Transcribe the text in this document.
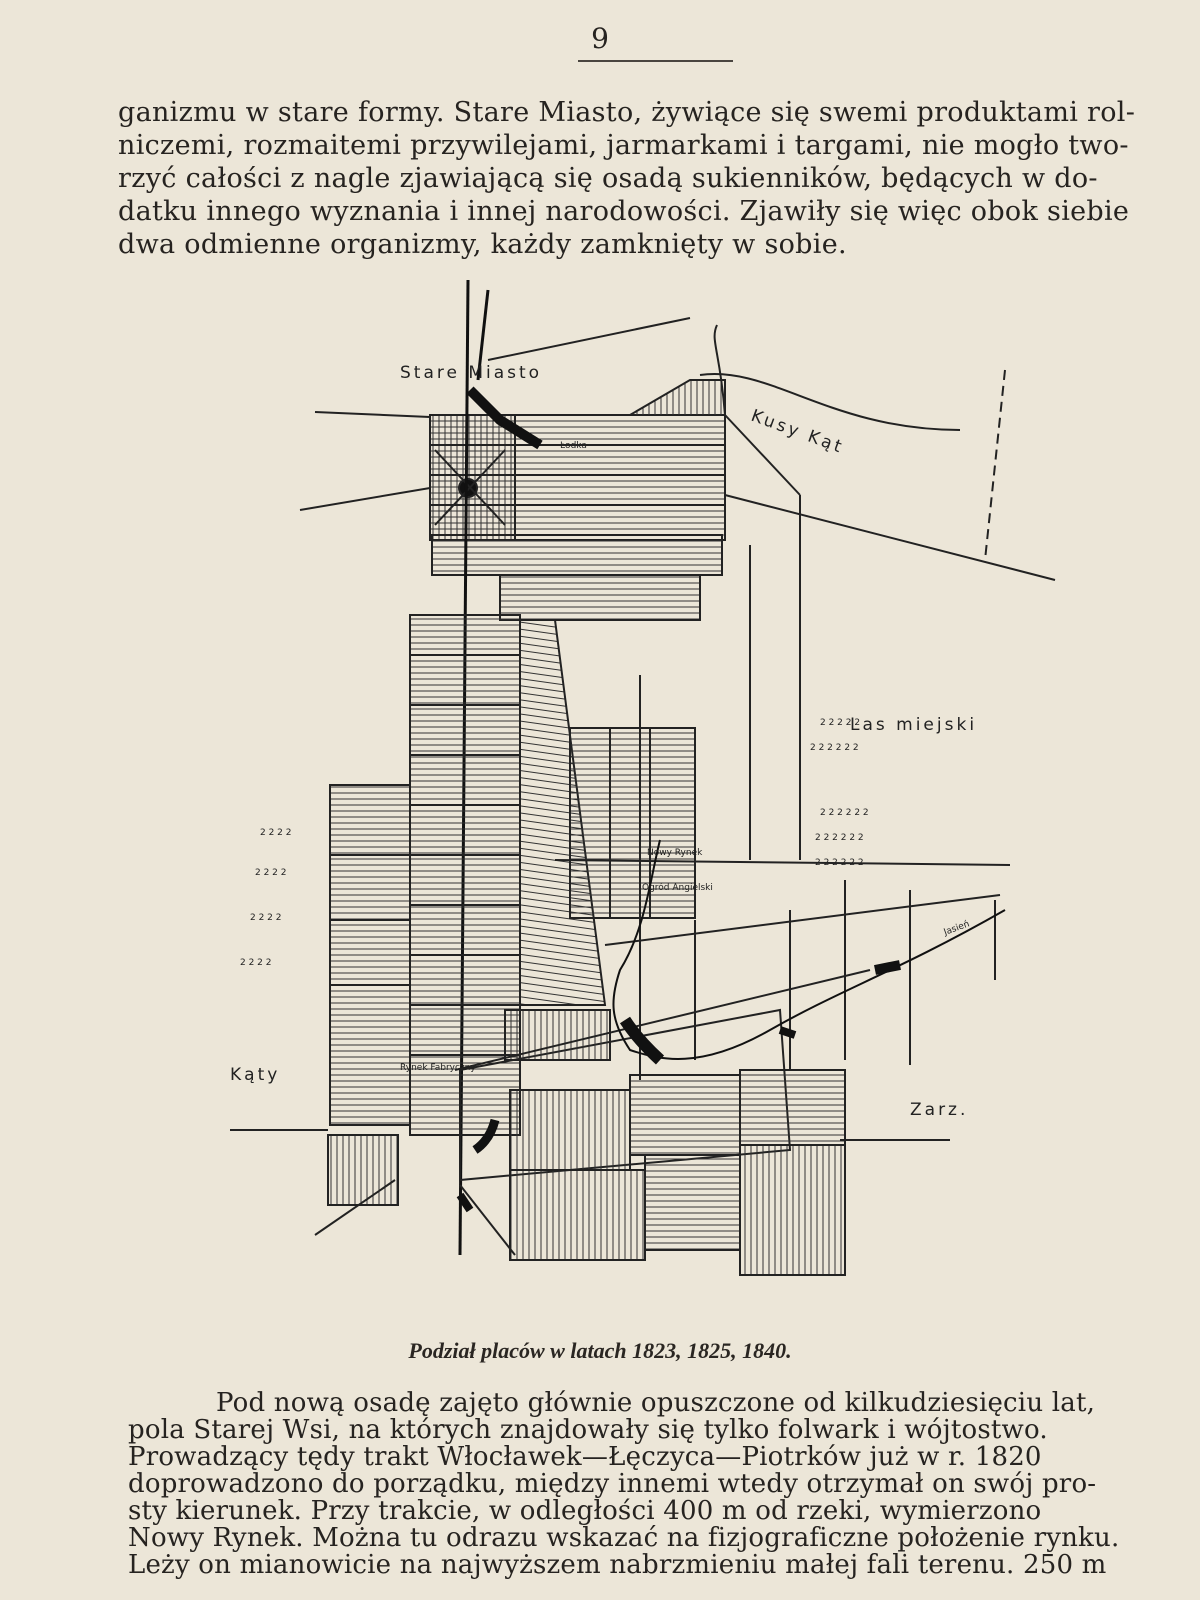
9
ganizmu w stare formy. Stare Miasto, żywiące się swemi produktami rol-
niczemi, rozmaitemi przywilejami, jarmarkami i targami, nie mogło two-
rzyć całości z nagle zjawiającą się osadą sukienników, będących w do-
datku innego wyznania i innej narodowości. Zjawiły się więc obok siebie
dwa odmienne organizmy, każdy zamknięty w sobie.
2 2 2 2 2
2 2 2 2 2 2
2 2 2 2 2 2
2 2 2 2 2 2
2 2 2 2 2 2
2 2 2 2
2 2 2 2
2 2 2 2
2 2 2 2
Stare Miasto
Łodka	Kusy Kąt
Las miejski
Kąty
Zarz.
Ogród Angielski
Nowy Rynek
Rynek Fabryczny
Jasień
Podział placów w latach 1823, 1825, 1840.
Pod nową osadę zajęto głównie opuszczone od kilkudziesięciu lat,
pola Starej Wsi, na których znajdowały się tylko folwark i wójtostwo.
Prowadzący tędy trakt Włocławek—Łęczyca—Piotrków już w r. 1820
doprowadzono do porządku, między innemi wtedy otrzymał on swój pro-
sty kierunek. Przy trakcie, w odległości 400 m od rzeki, wymierzono
Nowy Rynek. Można tu odrazu wskazać na fizjograficzne położenie rynku.
Leży on mianowicie na najwyższem nabrzmieniu małej fali terenu. 250 m
